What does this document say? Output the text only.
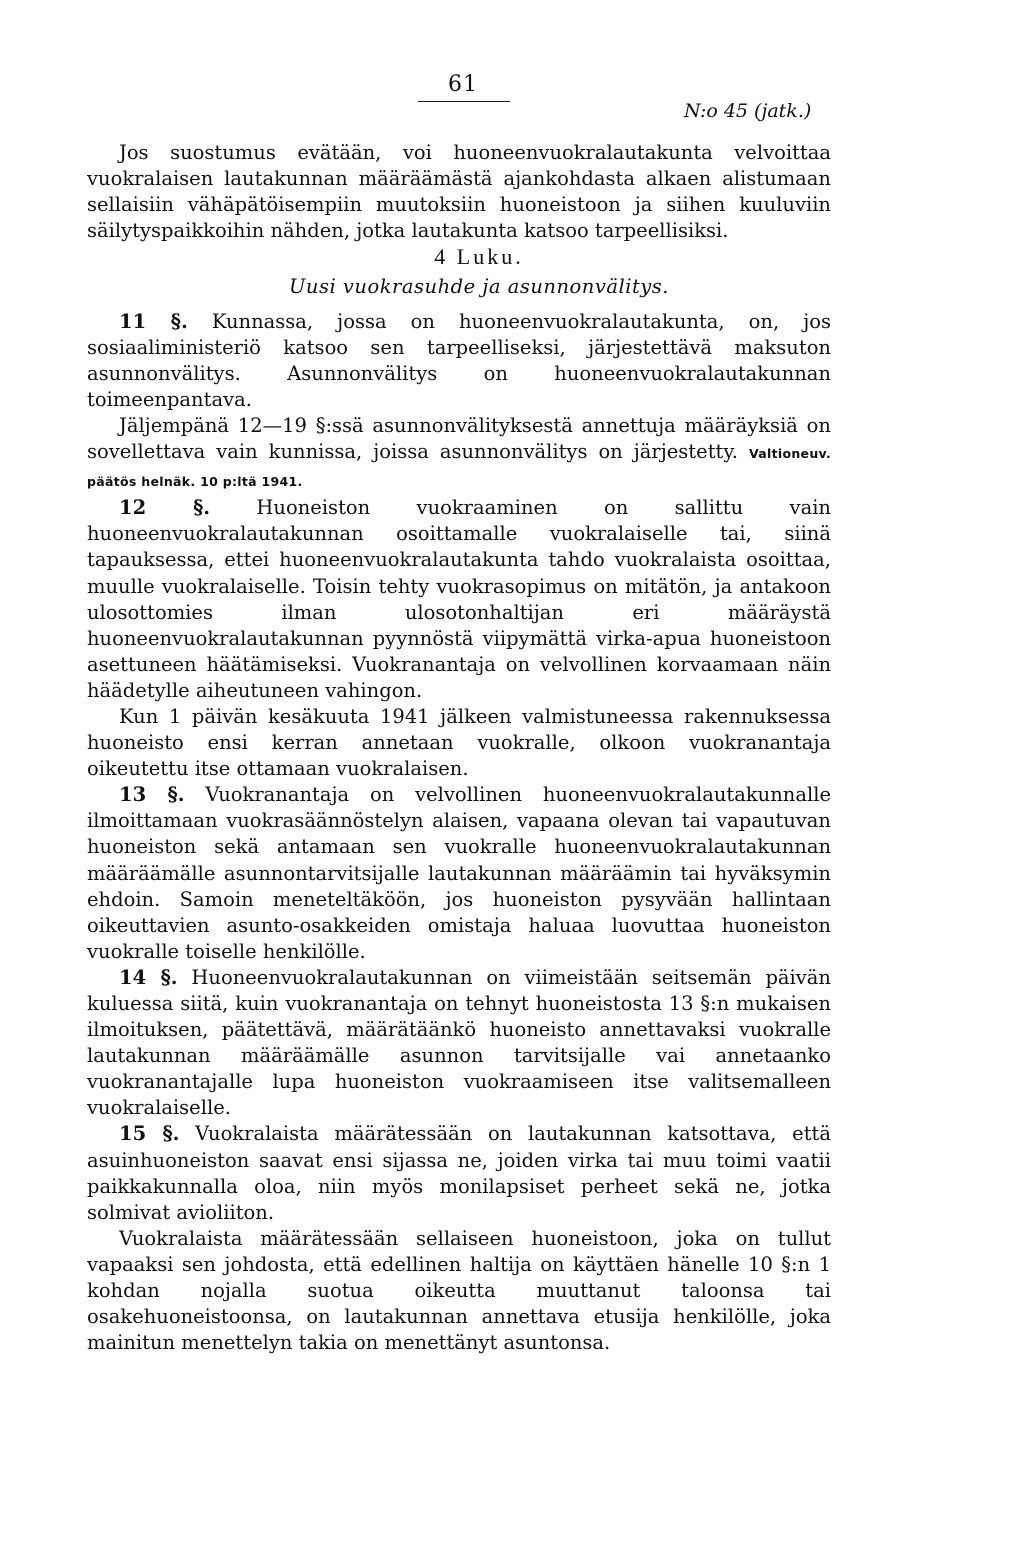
61
N:o 45 (jatk.)

Jos suostumus evätään, voi huoneenvuokralautakunta velvoittaa vuokralaisen lautakunnan määräämästä ajankohdasta alkaen alistumaan sellaisiin vähäpätöisempiin muutoksiin huoneistoon ja siihen kuuluviin säilytyspaikkoihin nähden, jotka lautakunta katsoo tarpeellisiksi.

4 Luku.

Uusi vuokrasuhde ja asunnonvälitys.

11 §. Kunnassa, jossa on huoneenvuokralautakunta, on, jos sosiaaliministeriö katsoo sen tarpeelliseksi, järjestettävä maksuton asunnonvälitys. Asunnonvälitys on huoneenvuokralautakunnan toimeenpantava.

Jäljempänä 12—19 §:ssä asunnonvälityksestä annettuja määräyksiä on sovellettava vain kunnissa, joissa asunnonvälitys on järjestetty. Valtioneuv. päätös helnäk. 10 p:ltä 1941.

12 §. Huoneiston vuokraaminen on sallittu vain huoneenvuokralautakunnan osoittamalle vuokralaiselle tai, siinä tapauksessa, ettei huoneenvuokralautakunta tahdo vuokralaista osoittaa, muulle vuokralaiselle. Toisin tehty vuokrasopimus on mitätön, ja antakoon ulosottomies ilman ulosotonhaltijan eri määräystä huoneenvuokralautakunnan pyynnöstä viipymättä virka-apua huoneistoon asettuneen häätämiseksi. Vuokranantaja on velvollinen korvaamaan näin häädetylle aiheutuneen vahingon.

Kun 1 päivän kesäkuuta 1941 jälkeen valmistuneessa rakennuksessa huoneisto ensi kerran annetaan vuokralle, olkoon vuokranantaja oikeutettu itse ottamaan vuokralaisen.

13 §. Vuokranantaja on velvollinen huoneenvuokralautakunnalle ilmoittamaan vuokrasäännöstelyn alaisen, vapaana olevan tai vapautuvan huoneiston sekä antamaan sen vuokralle huoneenvuokralautakunnan määräämälle asunnontarvitsijalle lautakunnan määräämin tai hyväksymin ehdoin. Samoin meneteltäköön, jos huoneiston pysyvään hallintaan oikeuttavien asunto-osakkeiden omistaja haluaa luovuttaa huoneiston vuokralle toiselle henkilölle.

14 §. Huoneenvuokralautakunnan on viimeistään seitsemän päivän kuluessa siitä, kuin vuokranantaja on tehnyt huoneistosta 13 §:n mukaisen ilmoituksen, päätettävä, määrätäänkö huoneisto annettavaksi vuokralle lautakunnan määräämälle asunnon tarvitsijalle vai annetaanko vuokranantajalle lupa huoneiston vuokraamiseen itse valitsemalleen vuokralaiselle.

15 §. Vuokralaista määrätessään on lautakunnan katsottava, että asuinhuoneiston saavat ensi sijassa ne, joiden virka tai muu toimi vaatii paikkakunnalla oloa, niin myös monilapsiset perheet sekä ne, jotka solmivat avioliiton.

Vuokralaista määrätessään sellaiseen huoneistoon, joka on tullut vapaaksi sen johdosta, että edellinen haltija on käyttäen hänelle 10 §:n 1 kohdan nojalla suotua oikeutta muuttanut taloonsa tai osakehuoneistoonsa, on lautakunnan annettava etusija henkilölle, joka mainitun menettelyn takia on menettänyt asuntonsa.
